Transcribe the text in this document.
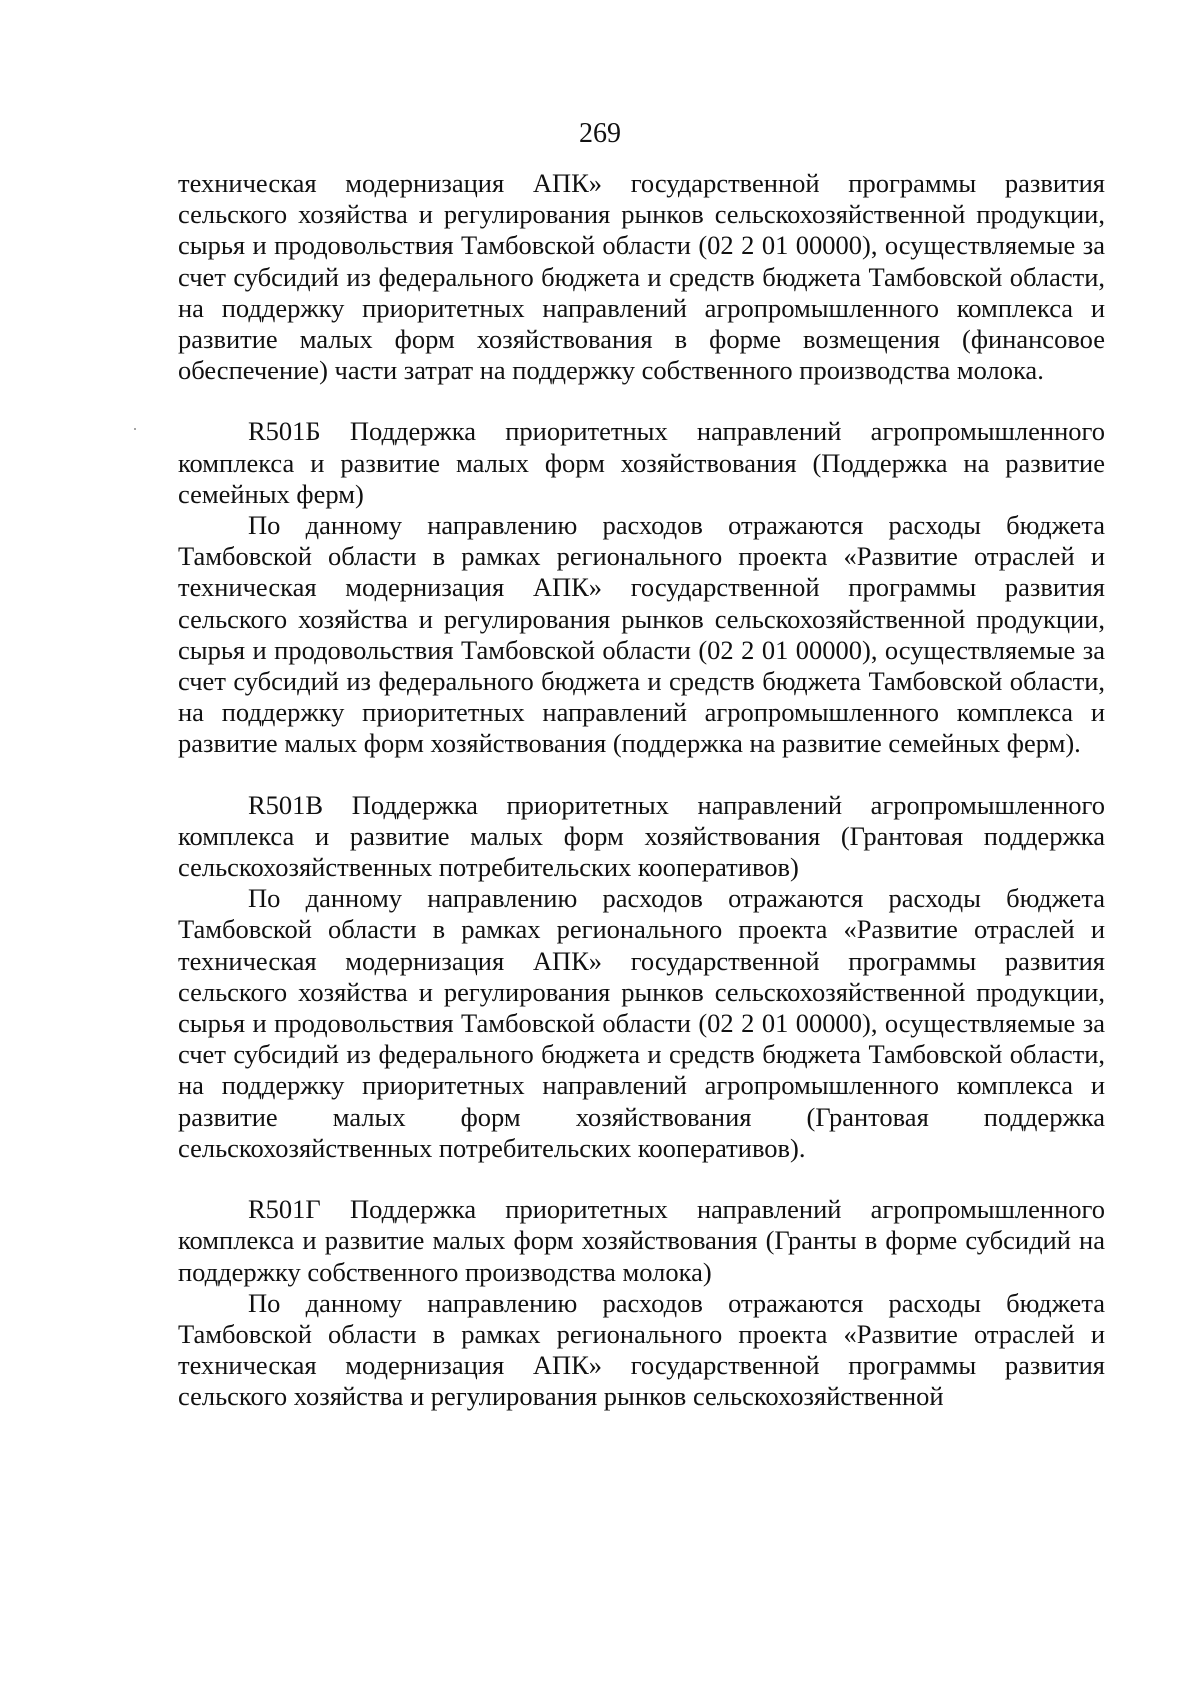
269

техническая модернизация АПК» государственной программы развития сельского хозяйства и регулирования рынков сельскохозяйственной продукции, сырья и продовольствия Тамбовской области (02 2 01 00000), осуществляемые за счет субсидий из федерального бюджета и средств бюджета Тамбовской области, на поддержку приоритетных направлений агропромышленного комплекса и развитие малых форм хозяйствования в форме возмещения (финансовое обеспечение) части затрат на поддержку собственного производства молока.

R501Б Поддержка приоритетных направлений агропромышленного комплекса и развитие малых форм хозяйствования (Поддержка на развитие семейных ферм)

По данному направлению расходов отражаются расходы бюджета Тамбовской области в рамках регионального проекта «Развитие отраслей и техническая модернизация АПК» государственной программы развития сельского хозяйства и регулирования рынков сельскохозяйственной продукции, сырья и продовольствия Тамбовской области (02 2 01 00000), осуществляемые за счет субсидий из федерального бюджета и средств бюджета Тамбовской области, на поддержку приоритетных направлений агропромышленного комплекса и развитие малых форм хозяйствования (поддержка на развитие семейных ферм).

R501В Поддержка приоритетных направлений агропромышленного комплекса и развитие малых форм хозяйствования (Грантовая поддержка сельскохозяйственных потребительских кооперативов)

По данному направлению расходов отражаются расходы бюджета Тамбовской области в рамках регионального проекта «Развитие отраслей и техническая модернизация АПК» государственной программы развития сельского хозяйства и регулирования рынков сельскохозяйственной продукции, сырья и продовольствия Тамбовской области (02 2 01 00000), осуществляемые за счет субсидий из федерального бюджета и средств бюджета Тамбовской области, на поддержку приоритетных направлений агропромышленного комплекса и развитие малых форм хозяйствования (Грантовая поддержка сельскохозяйственных потребительских кооперативов).

R501Г Поддержка приоритетных направлений агропромышленного комплекса и развитие малых форм хозяйствования (Гранты в форме субсидий на поддержку собственного производства молока)

По данному направлению расходов отражаются расходы бюджета Тамбовской области в рамках регионального проекта «Развитие отраслей и техническая модернизация АПК» государственной программы развития сельского хозяйства и регулирования рынков сельскохозяйственной
